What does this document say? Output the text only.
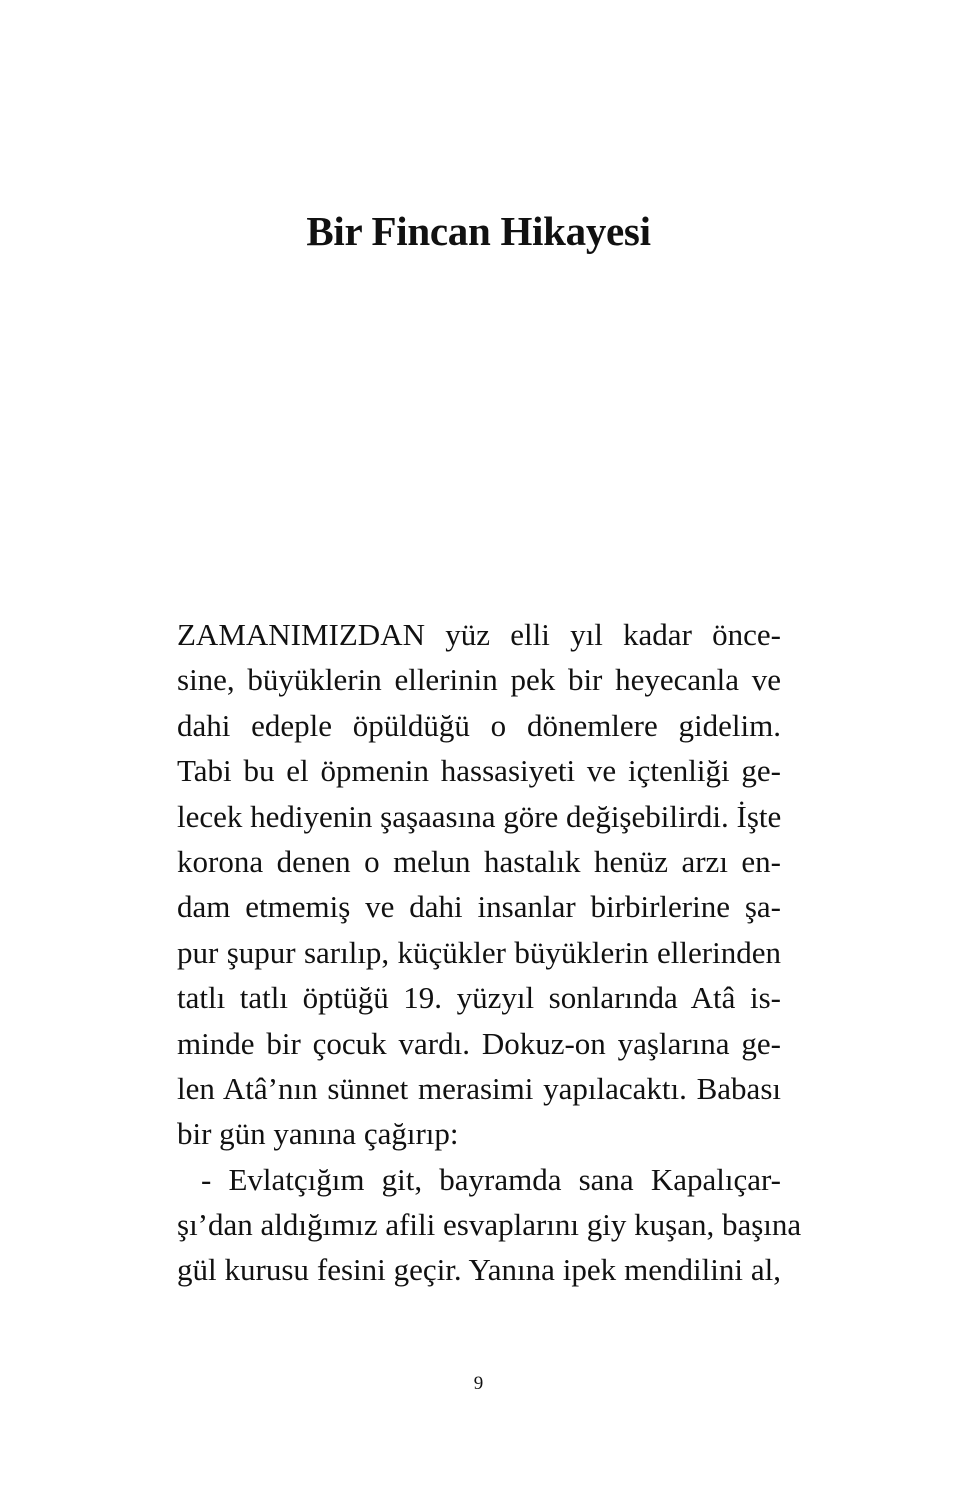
Bir Fincan Hikayesi
ZAMANIMIZDAN yüz elli yıl kadar önce-
sine, büyüklerin ellerinin pek bir heyecanla ve
dahi edeple öpüldüğü o dönemlere gidelim.
Tabi bu el öpmenin hassasiyeti ve içtenliği ge-
lecek hediyenin şaşaasına göre değişebilirdi. İşte
korona denen o melun hastalık henüz arzı en-
dam etmemiş ve dahi insanlar birbirlerine şa-
pur şupur sarılıp, küçükler büyüklerin ellerinden
tatlı tatlı öptüğü 19. yüzyıl sonlarında Atâ is-
minde bir çocuk vardı. Dokuz-on yaşlarına ge-
len Atâ’nın sünnet merasimi yapılacaktı. Babası
bir gün yanına çağırıp:
- Evlatçığım git, bayramda sana Kapalıçar-
şı’dan aldığımız afili esvaplarını giy kuşan, başına
gül kurusu fesini geçir. Yanına ipek mendilini al,
9
